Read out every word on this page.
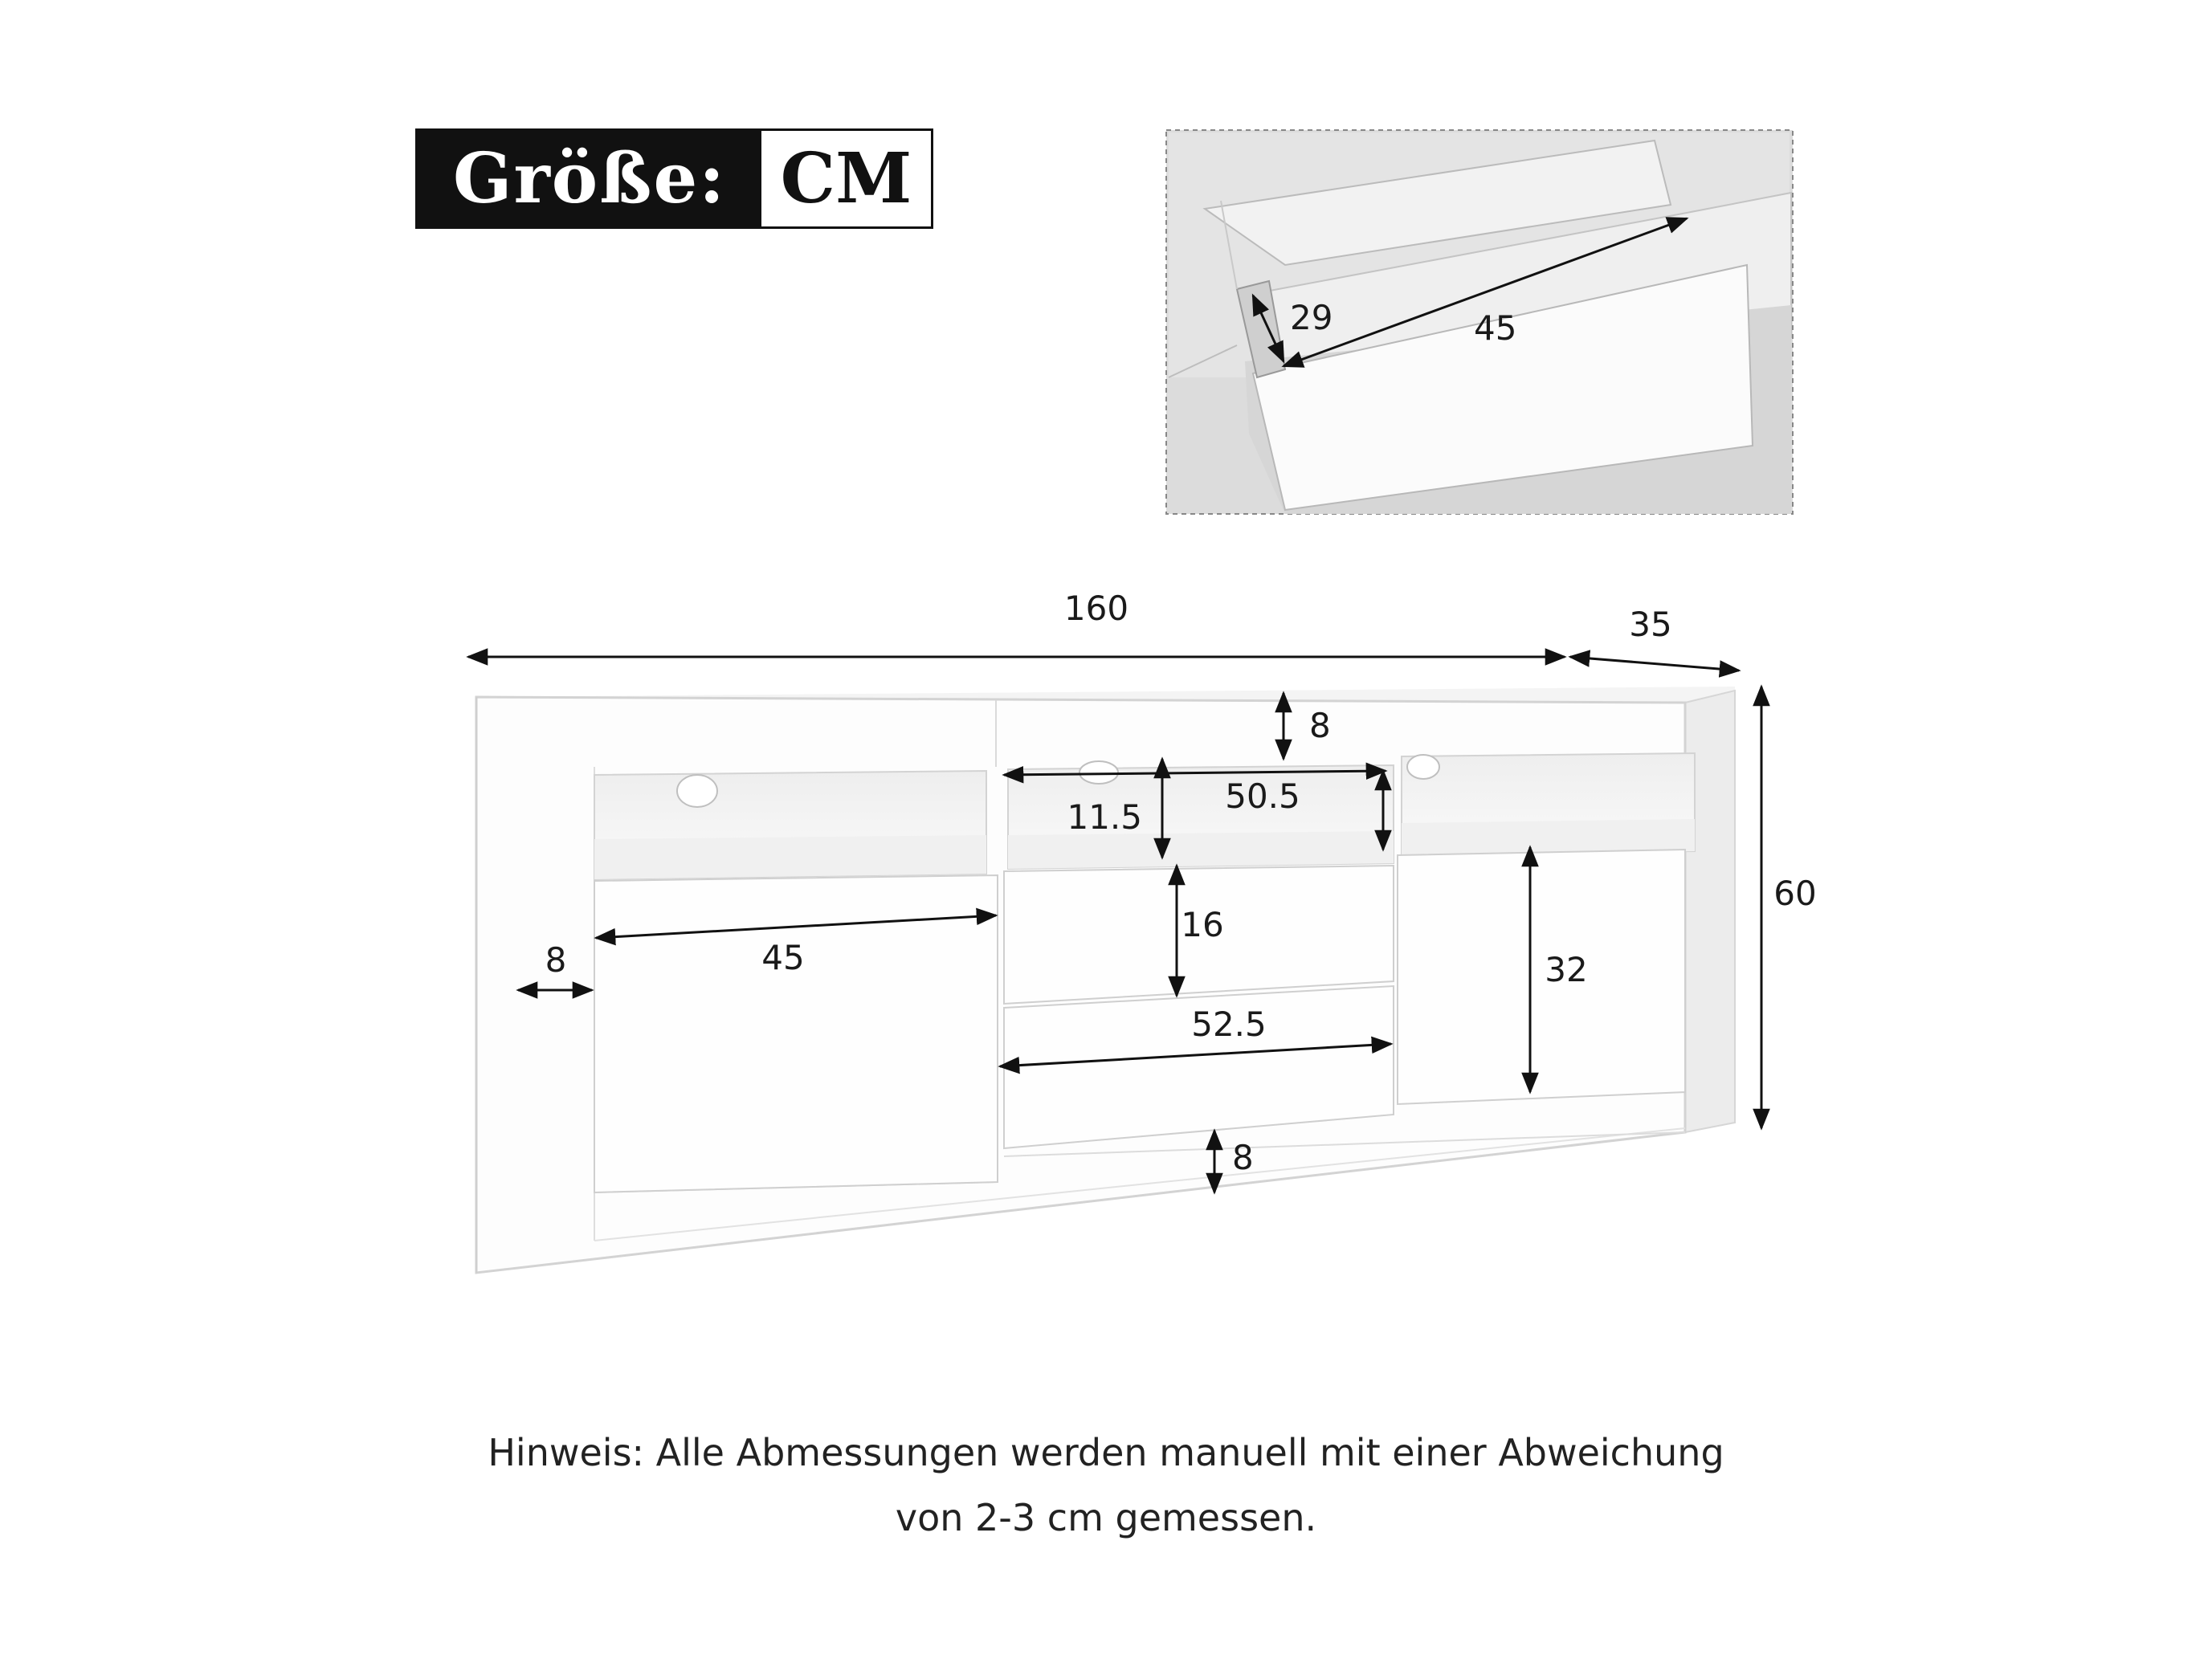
Größe: CM
29	45
160	35
60
8
50.5
11.5
8	45
16
52.5
32
8
Hinweis: Alle Abmessungen werden manuell mit einer Abweichung
von 2-3 cm gemessen.
